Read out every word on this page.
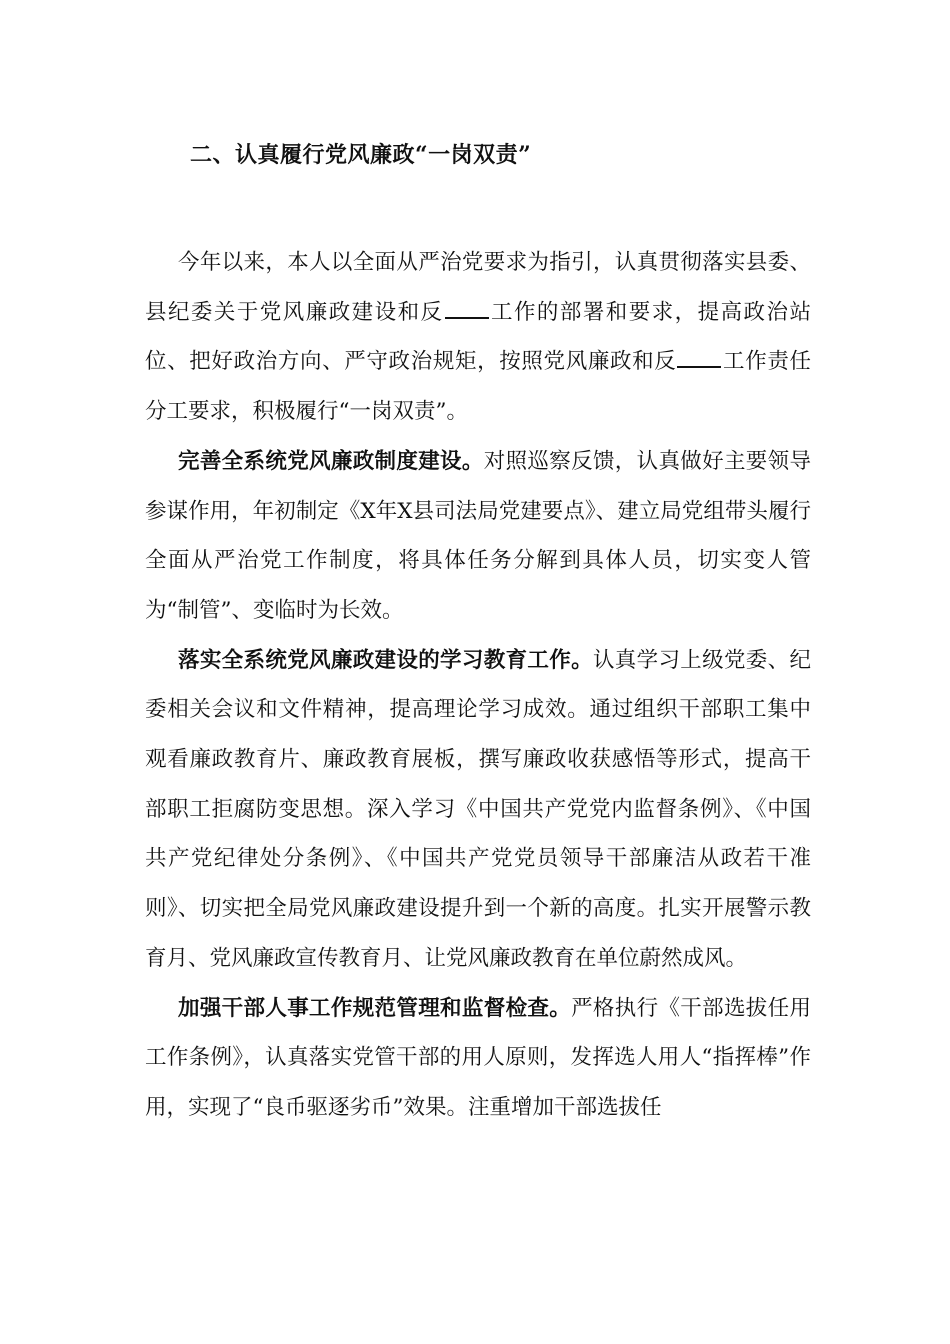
二、认真履行党风廉政“一岗双责”

今年以来，本人以全面从严治党要求为指引，认真贯彻落实县委、县纪委关于党风廉政建设和反 工作的部署和要求，提高政治站位、把好政治方向、严守政治规矩，按照党风廉政和反 工作责任分工要求，积极履行“一岗双责”。

完善全系统党风廉政制度建设。对照巡察反馈，认真做好主要领导参谋作用，年初制定《X年X县司法局党建要点》、建立局党组带头履行全面从严治党工作制度，将具体任务分解到具体人员，切实变人管为“制管”、变临时为长效。

落实全系统党风廉政建设的学习教育工作。认真学习上级党委、纪委相关会议和文件精神，提高理论学习成效。通过组织干部职工集中观看廉政教育片、廉政教育展板，撰写廉政收获感悟等形式，提高干部职工拒腐防变思想。深入学习《中国共产党党内监督条例》、《中国共产党纪律处分条例》、《中国共产党党员领导干部廉洁从政若干准则》、切实把全局党风廉政建设提升到一个新的高度。扎实开展警示教育月、党风廉政宣传教育月、让党风廉政教育在单位蔚然成风。

加强干部人事工作规范管理和监督检查。严格执行《干部选拔任用工作条例》，认真落实党管干部的用人原则，发挥选人用人“指挥棒”作用，实现了“良币驱逐劣币”效果。注重增加干部选拔任
